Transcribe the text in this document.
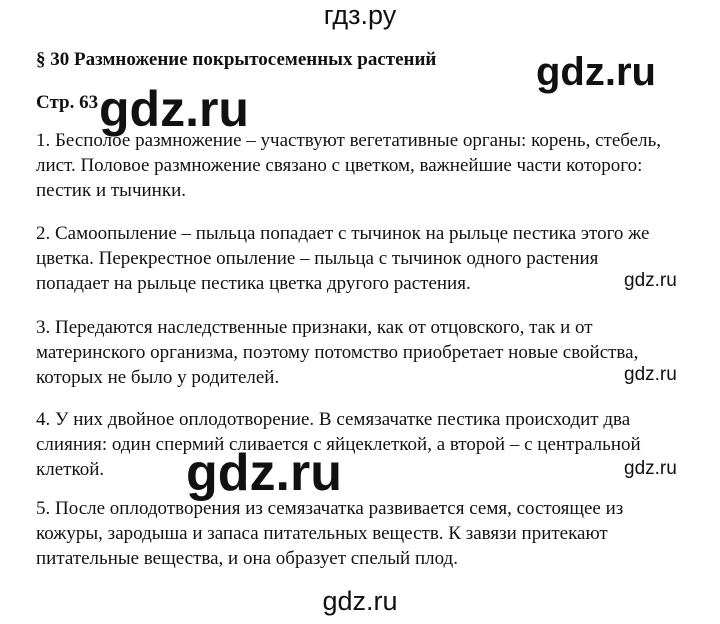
гдз.ру
§ 30 Размножение покрытосеменных растений gdz.ru
Стр. 63 gdz.ru
1. Бесполое размножение – участвуют вегетативные органы: корень, стебель,
лист. Половое размножение связано с цветком, важнейшие части которого:
пестик и тычинки.
2. Самоопыление – пыльца попадает с тычинок на рыльце пестика этого же
цветка. Перекрестное опыление – пыльца с тычинок одного растения
попадает на рыльце пестика цветка другого растения.	gdz.ru
3. Передаются наследственные признаки, как от отцовского, так и от
материнского организма, поэтому потомство приобретает новые свойства,
которых не было у родителей.	gdz.ru
4. У них двойное оплодотворение. В семязачатке пестика происходит два
слияния: один спермий сливается с яйцеклеткой, а второй – с центральной
клеткой.	gdz.ru	gdz.ru
5. После оплодотворения из семязачатка развивается семя, состоящее из
кожуры, зародыша и запаса питательных веществ. К завязи притекают
питательные вещества, и она образует спелый плод.
gdz.ru
